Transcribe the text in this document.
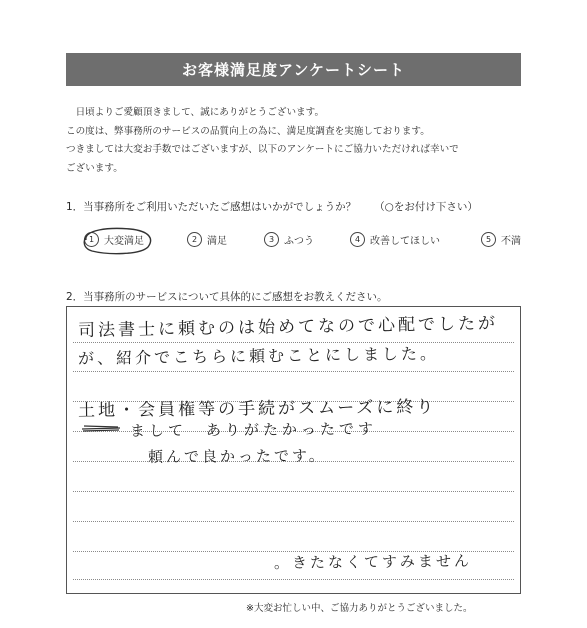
お客様満足度アンケートシート
　日頃よりご愛顧頂きまして、誠にありがとうございます。
この度は、弊事務所のサービスの品質向上の為に、満足度調査を実施しております。
つきましては大変お手数ではございますが、以下のアンケートにご協力いただければ幸いで
ございます。
1．当事務所をご利用いただいたご感想はいかがでしょうか？ （○をお付け下さい）
1 大変満足	2 満足	3 ふつう	4 改善してほしい	5 不満
2．当事務所のサービスについて具体的にご感想をお教えください。
司法書士に頼むのは始めてなので心配でしたが
が、紹介でこちらに頼むことにしました。
土地・会員権等の手続がスムーズに終り
まして　ありがたかったです
頼んで良かったです。
。きたなくてすみません
※大変お忙しい中、ご協力ありがとうございました。
